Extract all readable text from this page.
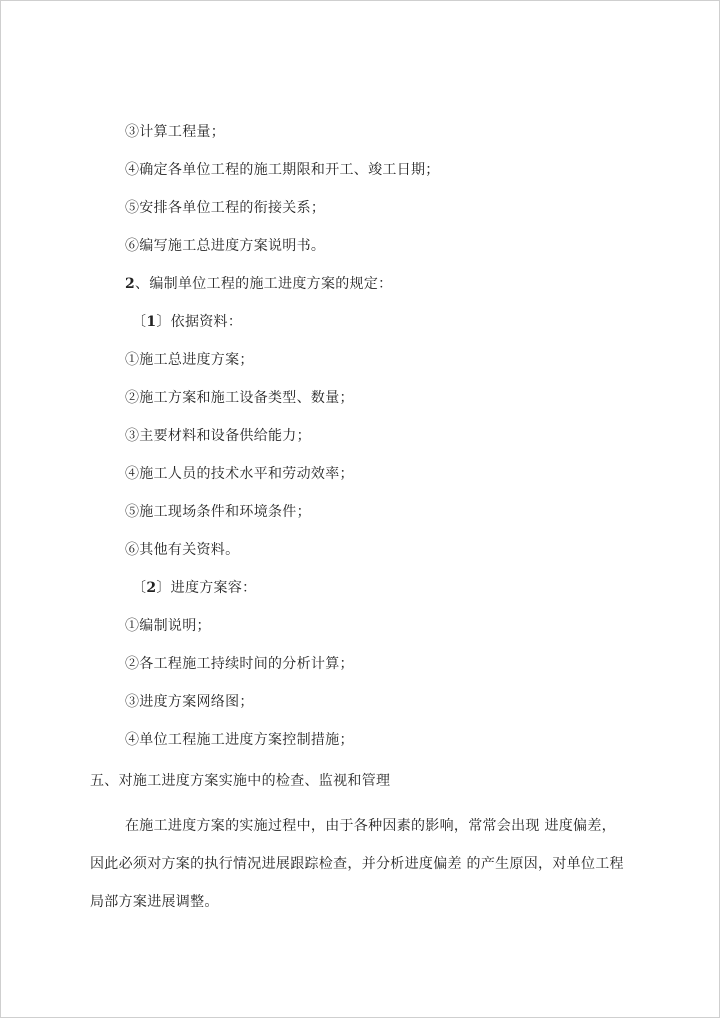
③计算工程量；
④确定各单位工程的施工期限和开工、竣工日期；
⑤安排各单位工程的衔接关系；
⑥编写施工总进度方案说明书。
2、编制单位工程的施工进度方案的规定：
〔1〕依据资料：
①施工总进度方案；
②施工方案和施工设备类型、数量；
③主要材料和设备供给能力；
④施工人员的技术水平和劳动效率；
⑤施工现场条件和环境条件；
⑥其他有关资料。
〔2〕进度方案容：
①编制说明；
②各工程施工持续时间的分析计算；
③进度方案网络图；
④单位工程施工进度方案控制措施；
五、对施工进度方案实施中的检查、监视和管理
在施工进度方案的实施过程中，由于各种因素的影响，常常会出现 进度偏差，
因此必须对方案的执行情况进展跟踪检查，并分析进度偏差 的产生原因，对单位工程
局部方案进展调整。
